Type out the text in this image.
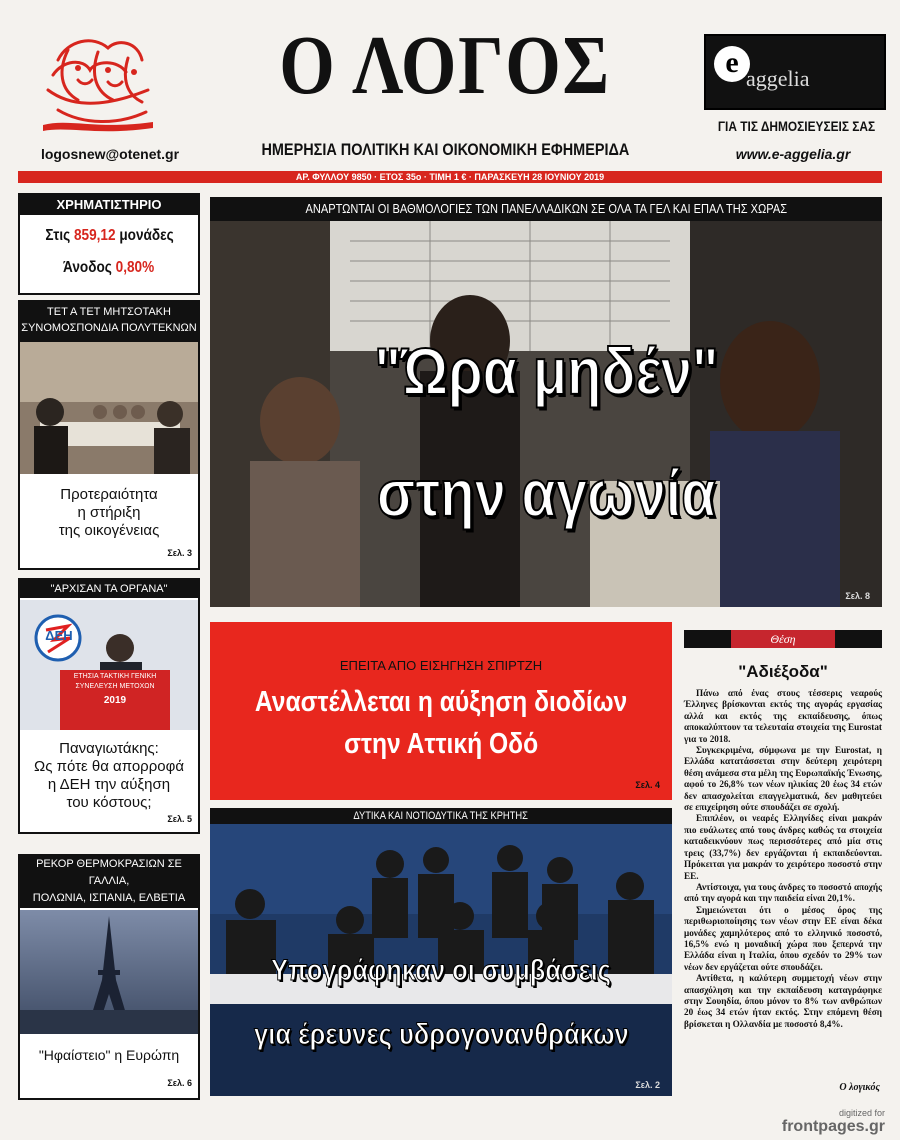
logosnew@otenet.gr
Ο ΛΟΓΟΣ
ΗΜΕΡΗΣΙΑ ΠΟΛΙΤΙΚΗ ΚΑΙ ΟΙΚΟΝΟΜΙΚΗ ΕΦΗΜΕΡΙΔΑ
e aggelia
ΓΙΑ ΤΙΣ ΔΗΜΟΣΙΕΥΣΕΙΣ ΣΑΣ
www.e-aggelia.gr
ΑΡ. ΦΥΛΛΟΥ 9850 · ΕΤΟΣ 35ο · ΤΙΜΗ 1 € · ΠΑΡΑΣΚΕΥΗ 28 ΙΟΥΝΙΟΥ 2019
ΧΡΗΜΑΤΙΣΤΗΡΙΟ
Στις 859,12 μονάδες
Άνοδος 0,80%
ΤΕΤ Α ΤΕΤ ΜΗΤΣΟΤΑΚΗ
ΣΥΝΟΜΟΣΠΟΝΔΙΑ ΠΟΛΥΤΕΚΝΩΝ
Προτεραιότητα
η στήριξη
της οικογένειας
Σελ. 3
"ΑΡΧΙΣΑΝ ΤΑ ΟΡΓΑΝΑ"
ΔΕΗ
ΕΤΗΣΙΑ ΤΑΚΤΙΚΗ ΓΕΝΙΚΗ
ΣΥΝΕΛΕΥΣΗ ΜΕΤΟΧΩΝ
2019
Παναγιωτάκης:
Ως πότε θα απορροφά
η ΔΕΗ την αύξηση
του κόστους;
Σελ. 5
ΡΕΚΟΡ ΘΕΡΜΟΚΡΑΣΙΩΝ ΣΕ ΓΑΛΛΙΑ,
ΠΟΛΩΝΙΑ, ΙΣΠΑΝΙΑ, ΕΛΒΕΤΙΑ
"Ηφαίστειο" η Ευρώπη
Σελ. 6
ΑΝΑΡΤΩΝΤΑΙ ΟΙ ΒΑΘΜΟΛΟΓΙΕΣ ΤΩΝ ΠΑΝΕΛΛΑΔΙΚΩΝ ΣΕ ΟΛΑ ΤΑ ΓΕΛ ΚΑΙ ΕΠΑΛ ΤΗΣ ΧΩΡΑΣ
"Ώρα μηδέν"
στην αγωνία
Σελ. 8
ΕΠΕΙΤΑ ΑΠΟ ΕΙΣΗΓΗΣΗ ΣΠΙΡΤΖΗ
Αναστέλλεται η αύξηση διοδίων
στην Αττική Οδό
Σελ. 4
ΔΥΤΙΚΑ ΚΑΙ ΝΟΤΙΟΔΥΤΙΚΑ ΤΗΣ ΚΡΗΤΗΣ
Υπογράφηκαν οι συμβάσεις
για έρευνες υδρογονανθράκων
Σελ. 2
Θέση
"Αδιέξοδα"

Πάνω από ένας στους τέσσερις νεαρούς Έλληνες βρίσκονται εκτός της αγοράς εργασίας αλλά και εκτός της εκπαίδευσης, όπως αποκαλύπτουν τα τελευταία στοιχεία της Eurostat για το 2018.

Συγκεκριμένα, σύμφωνα με την Eurostat, η Ελλάδα κατατάσσεται στην δεύτερη χειρότερη θέση ανάμεσα στα μέλη της Ευρωπαϊκής Ένωσης, αφού το 26,8% των νέων ηλικίας 20 έως 34 ετών δεν απασχολείται επαγγελματικά, δεν μαθητεύει σε επιχείρηση ούτε σπουδάζει σε σχολή.

Επιπλέον, οι νεαρές Ελληνίδες είναι μακράν πιο ευάλωτες από τους άνδρες καθώς τα στοιχεία καταδεικνύουν πως περισσότερες από μία στις τρεις (33,7%) δεν εργάζονται ή εκπαιδεύονται. Πρόκειται για μακράν το χειρότερο ποσοστό στην ΕΕ.

Αντίστοιχα, για τους άνδρες το ποσοστό αποχής από την αγορά και την παιδεία είναι 20,1%.

Σημειώνεται ότι ο μέσος όρος της περιθωριοποίησης των νέων στην ΕΕ είναι δέκα μονάδες χαμηλότερος από το ελληνικό ποσοστό, 16,5% ενώ η μοναδική χώρα που ξεπερνά την Ελλάδα είναι η Ιταλία, όπου σχεδόν το 29% των νέων δεν εργάζεται ούτε σπουδάζει.

Αντίθετα, η καλύτερη συμμετοχή νέων στην απασχόληση και την εκπαίδευση καταγράφηκε στην Σουηδία, όπου μόνον το 8% των ανθρώπων 20 έως 34 ετών ήταν εκτός. Στην επόμενη θέση βρίσκεται η Ολλανδία με ποσοστό 8,4%.

Ο λογικός
digitized for
frontpages.gr
